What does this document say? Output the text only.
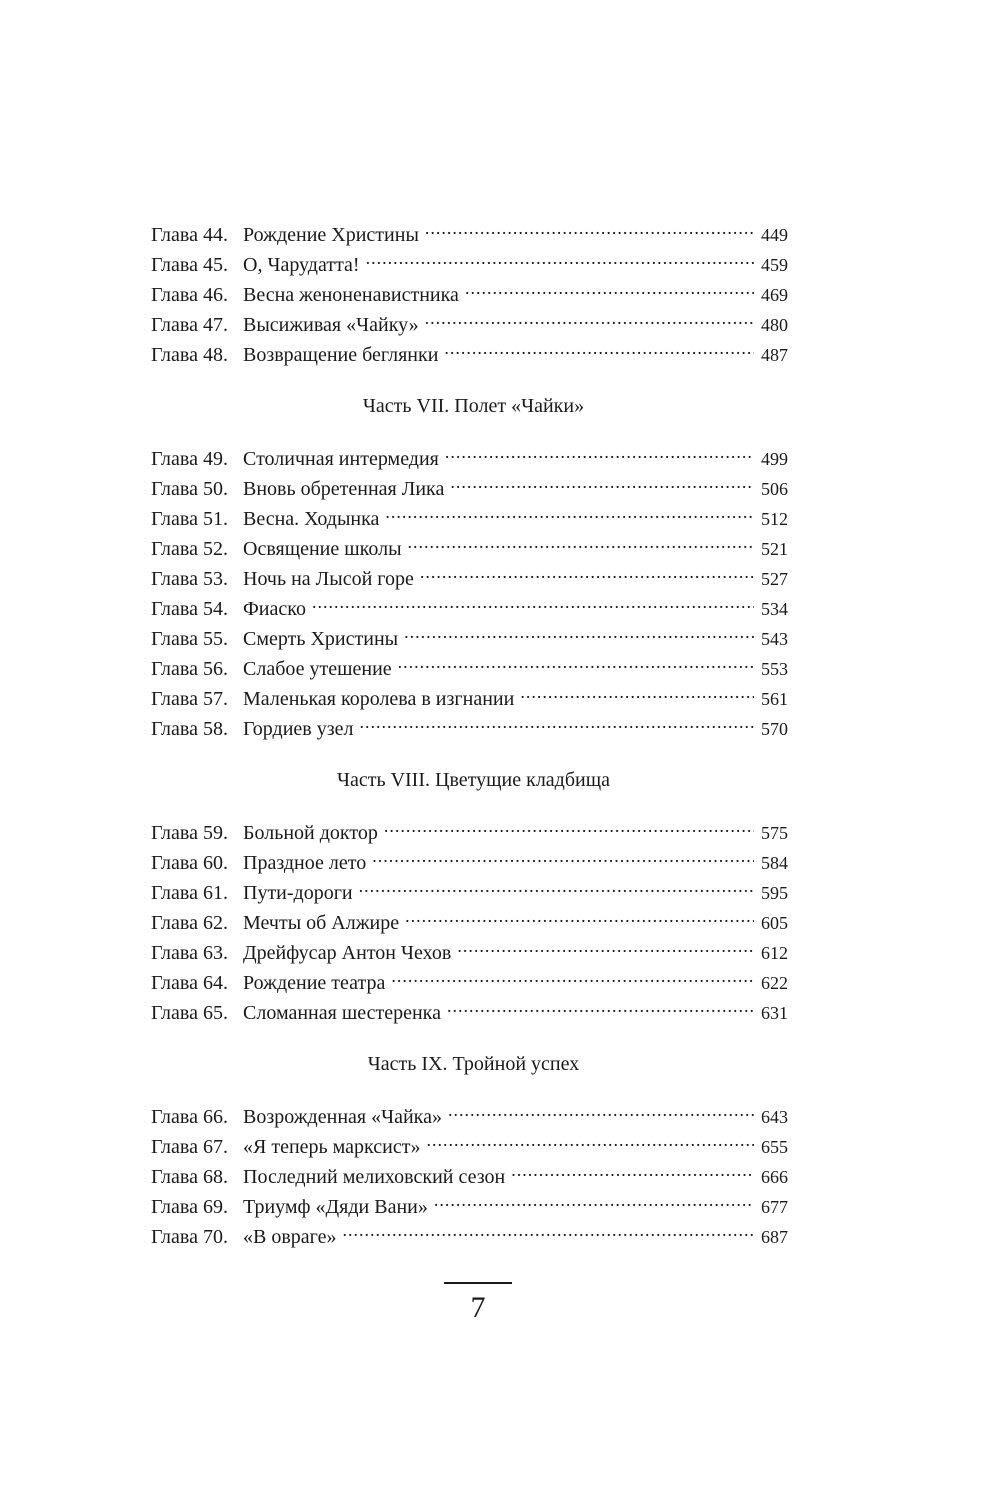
Глава 44. Рождение Христины .....	449
Глава 45. О, Чарудатта! .....	459
Глава 46. Весна женоненавистника .....	469
Глава 47. Высиживая «Чайку» .....	480
Глава 48. Возвращение беглянки .....	487
Часть VII. Полет «Чайки»
Глава 49. Столичная интермедия .....	499
Глава 50. Вновь обретенная Лика .....	506
Глава 51. Весна. Ходынка .....	512
Глава 52. Освящение школы .....	521
Глава 53. Ночь на Лысой горе .....	527
Глава 54. Фиаско .....	534
Глава 55. Смерть Христины .....	543
Глава 56. Слабое утешение .....	553
Глава 57. Маленькая королева в изгнании .....	561
Глава 58. Гордиев узел .....	570
Часть VIII. Цветущие кладбища
Глава 59. Больной доктор .....	575
Глава 60. Праздное лето .....	584
Глава 61. Пути-дороги .....	595
Глава 62. Мечты об Алжире .....	605
Глава 63. Дрейфусар Антон Чехов .....	612
Глава 64. Рождение театра .....	622
Глава 65. Сломанная шестеренка .....	631
Часть IX. Тройной успех
Глава 66. Возрожденная «Чайка» .....	643
Глава 67. «Я теперь марксист» .....	655
Глава 68. Последний мелиховский сезон .....	666
Глава 69. Триумф «Дяди Вани» .....	677
Глава 70. «В овраге» .....	687
7
